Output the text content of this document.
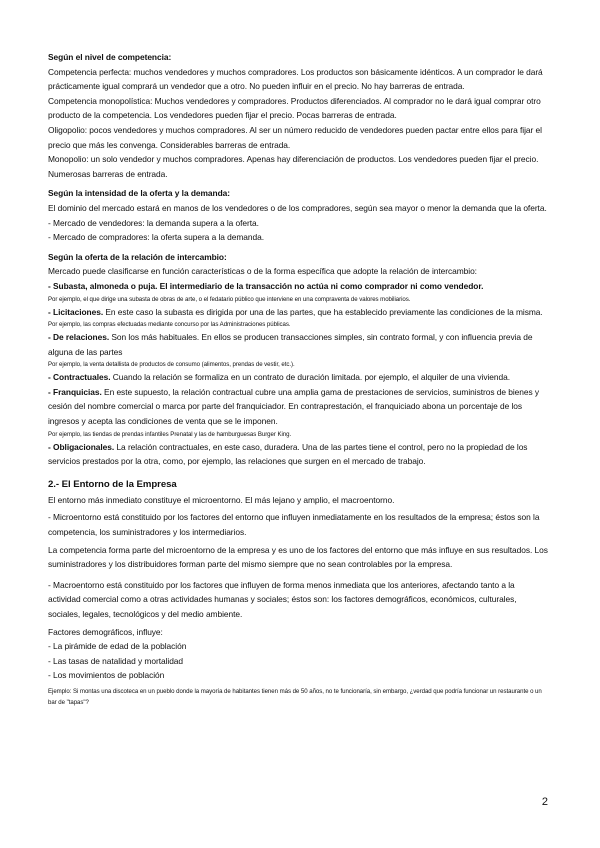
Según el nivel de competencia:

Competencia perfecta: muchos vendedores y muchos compradores. Los productos son básicamente idénticos. A un comprador le dará prácticamente igual comprará un vendedor que a otro. No pueden influir en el precio. No hay barreras de entrada.

Competencia monopolística: Muchos vendedores y compradores. Productos diferenciados. Al comprador no le dará igual comprar otro producto de la competencia. Los vendedores pueden fijar el precio. Pocas barreras de entrada.

Oligopolio: pocos vendedores y muchos compradores. Al ser un número reducido de vendedores pueden pactar entre ellos para fijar el precio que más les convenga. Considerables barreras de entrada.

Monopolio: un solo vendedor y muchos compradores. Apenas hay diferenciación de productos. Los vendedores pueden fijar el precio. Numerosas barreras de entrada.

Según la intensidad de la oferta y la demanda:

El dominio del mercado estará en manos de los vendedores o de los compradores, según sea mayor o menor la demanda que la oferta.

- Mercado de vendedores: la demanda supera a la oferta.

- Mercado de compradores: la oferta supera a la demanda.

Según la oferta de la relación de intercambio:

Mercado puede clasificarse en función características o de la forma específica que adopte la relación de intercambio:

- Subasta, almoneda o puja. El intermediario de la transacción no actúa ni como comprador ni como vendedor.

Por ejemplo, el que dirige una subasta de obras de arte, o el fedatario público que interviene en una compraventa de valores mobiliarios.

- Licitaciones. En este caso la subasta es dirigida por una de las partes, que ha establecido previamente las condiciones de la misma.

Por ejemplo, las compras efectuadas mediante concurso por las Administraciones públicas.

- De relaciones. Son los más habituales. En ellos se producen transacciones simples, sin contrato formal, y con influencia previa de alguna de las partes

Por ejemplo, la venta detallista de productos de consumo (alimentos, prendas de vestir, etc.).

- Contractuales. Cuando la relación se formaliza en un contrato de duración limitada. por ejemplo, el alquiler de una vivienda.

- Franquicias. En este supuesto, la relación contractual cubre una amplia gama de prestaciones de servicios, suministros de bienes y cesión del nombre comercial o marca por parte del franquiciador. En contraprestación, el franquiciado abona un porcentaje de los ingresos y acepta las condiciones de venta que se le imponen.

Por ejemplo, las tiendas de prendas infantiles Prenatal y las de hamburguesas Burger King.

- Obligacionales. La relación contractuales, en este caso, duradera. Una de las partes tiene el control, pero no la propiedad de los servicios prestados por la otra, como, por ejemplo, las relaciones que surgen en el mercado de trabajo.

2.- El Entorno de la Empresa

El entorno más inmediato constituye el microentorno. El más lejano y amplio, el macroentorno.

- Microentorno está constituido por los factores del entorno que influyen inmediatamente en los resultados de la empresa; éstos son la competencia, los suministradores y los intermediarios.

La competencia forma parte del microentorno de la empresa y es uno de los factores del entorno que más influye en sus resultados. Los suministradores y los distribuidores forman parte del mismo siempre que no sean controlables por la empresa.

- Macroentorno está constituido por los factores que influyen de forma menos inmediata que los anteriores, afectando tanto a la actividad comercial como a otras actividades humanas y sociales; éstos son: los factores demográficos, económicos, culturales, sociales, legales, tecnológicos y del medio ambiente.

Factores demográficos, influye:

- La pirámide de edad de la población

- Las tasas de natalidad y mortalidad

- Los movimientos de población

Ejemplo: Si montas una discoteca en un pueblo donde la mayoría de habitantes tienen más de 50 años, no te funcionaría, sin embargo, ¿verdad que podría funcionar un restaurante o un bar de "tapas"?

2
